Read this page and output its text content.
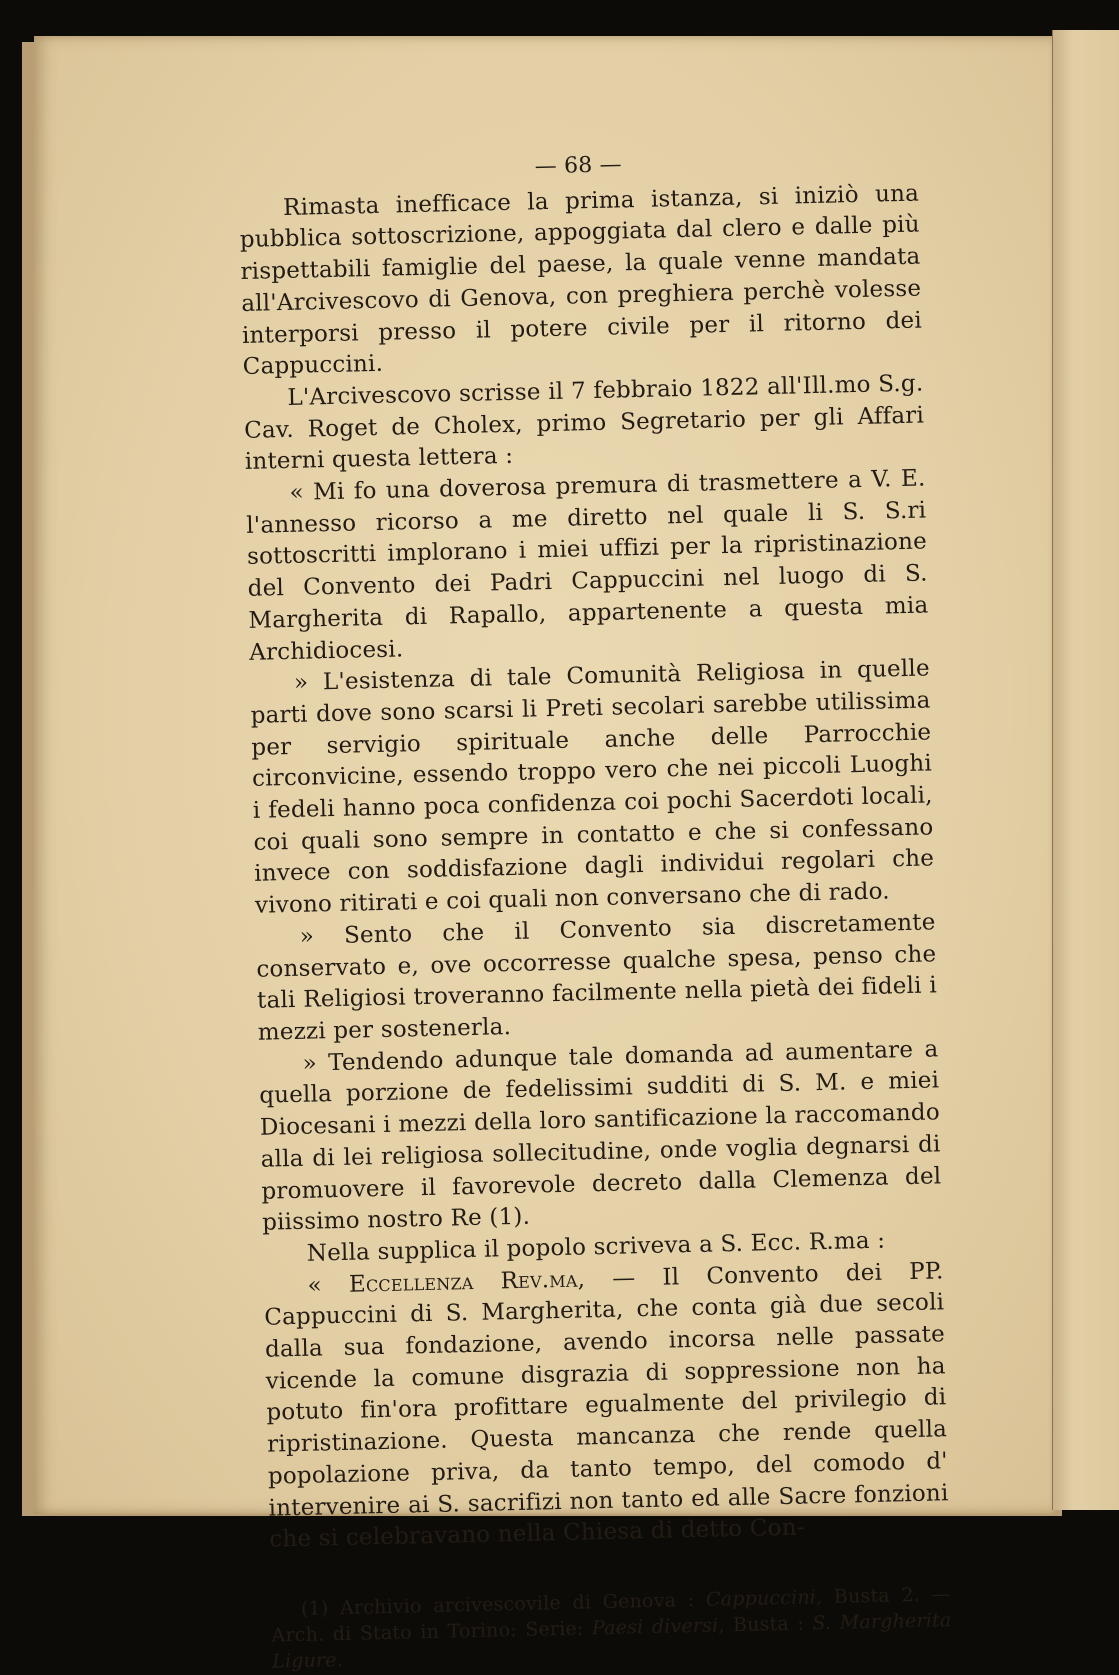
— 68 —

Rimasta inefficace la prima istanza, si iniziò una pubblica sottoscrizione, appoggiata dal clero e dalle più rispettabili famiglie del paese, la quale venne mandata all'Arcivescovo di Genova, con preghiera perchè volesse interporsi presso il potere civile per il ritorno dei Cappuccini.

L'Arcivescovo scrisse il 7 febbraio 1822 all'Ill.mo S.g. Cav. Roget de Cholex, primo Segretario per gli Affari interni questa lettera :

« Mi fo una doverosa premura di trasmettere a V. E. l'annesso ricorso a me diretto nel quale li S. S.ri sottoscritti implorano i miei uffizi per la ripristinazione del Convento dei Padri Cappuccini nel luogo di S. Margherita di Rapallo, appartenente a questa mia Archidiocesi.

» L'esistenza di tale Comunità Religiosa in quelle parti dove sono scarsi li Preti secolari sarebbe utilissima per servigio spirituale anche delle Parrocchie circonvicine, essendo troppo vero che nei piccoli Luoghi i fedeli hanno poca confidenza coi pochi Sacerdoti locali, coi quali sono sempre in contatto e che si confessano invece con soddisfazione dagli individui regolari che vivono ritirati e coi quali non conversano che di rado.

» Sento che il Convento sia discretamente conservato e, ove occorresse qualche spesa, penso che tali Religiosi troveranno facilmente nella pietà dei fideli i mezzi per sostenerla.

» Tendendo adunque tale domanda ad aumentare a quella porzione de fedelissimi sudditi di S. M. e miei Diocesani i mezzi della loro santificazione la raccomando alla di lei religiosa sollecitudine, onde voglia degnarsi di promuovere il favorevole decreto dalla Clemenza del piissimo nostro Re (1).

Nella supplica il popolo scriveva a S. Ecc. R.ma :

« Eccellenza Rev.ma, — Il Convento dei PP. Cappuccini di S. Margherita, che conta già due secoli dalla sua fondazione, avendo incorsa nelle passate vicende la comune disgrazia di soppressione non ha potuto fin'ora profittare egualmente del privilegio di ripristinazione. Questa mancanza che rende quella popolazione priva, da tanto tempo, del comodo d' intervenire ai S. sacrifizi non tanto ed alle Sacre fonzioni che si celebravano nella Chiesa di detto Con-

(1) Archivio arcivescovile di Genova : Cappuccini, Busta 2. — Arch. di Stato in Torino: Serie: Paesi diversi, Busta : S. Margherita Ligure.
